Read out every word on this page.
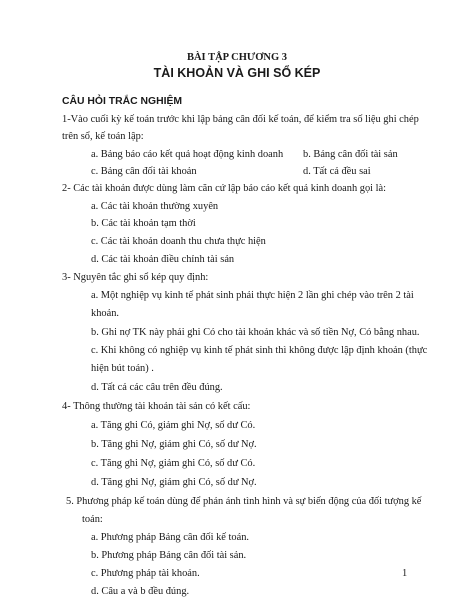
BÀI TẬP CHƯƠNG 3
TÀI KHOẢN VÀ GHI SỔ KÉP
CÂU HỎI TRẮC NGHIỆM
1-Vào cuối kỳ kế toán trước khi lập bảng cân đối kế toán, để kiểm tra số liệu ghi chép
trên sổ, kế toán lập:
a. Bảng báo cáo kết quả hoạt động kinh doanh b. Bảng cân đối tài sản
c. Bảng cân đối tài khoản	d. Tất cả đều sai
2- Các tài khoản được dùng làm căn cứ lập báo cáo kết quả kinh doanh gọi là:
a. Các tài khoản thường xuyên
b. Các tài khoản tạm thời
c. Các tài khoản doanh thu chưa thực hiện
d. Các tài khoản điều chỉnh tài sản
3- Nguyên tắc ghi sổ kép quy định:
a. Một nghiệp vụ kinh tế phát sinh phải thực hiện 2 lần ghi chép vào trên 2 tài
khoản.
b. Ghi nợ TK này phải ghi Có cho tài khoản khác và số tiền Nợ, Có bằng nhau.
c. Khi không có nghiệp vụ kinh tế phát sinh thì không được lập định khoản (thực
hiện bút toán) .
d. Tất cả các câu trên đều đúng.
4- Thông thường tài khoản tài sản có kết cấu:
a. Tăng ghi Có, giảm ghi Nợ, số dư Có.
b. Tăng ghi Nợ, giảm ghi Có, số dư Nợ.
c. Tăng ghi Nợ, giảm ghi Có, số dư Có.
d. Tăng ghi Nợ, giảm ghi Có, số dư Nợ.
5. Phương pháp kế toán dùng để phản ánh tình hình và sự biến động của đối tượng kế
toán:
a. Phương pháp Bảng cân đối kế toán.
b. Phương pháp Bảng cân đối tài sản.
c. Phương pháp tài khoản.
d. Câu a và b đều đúng.
1
